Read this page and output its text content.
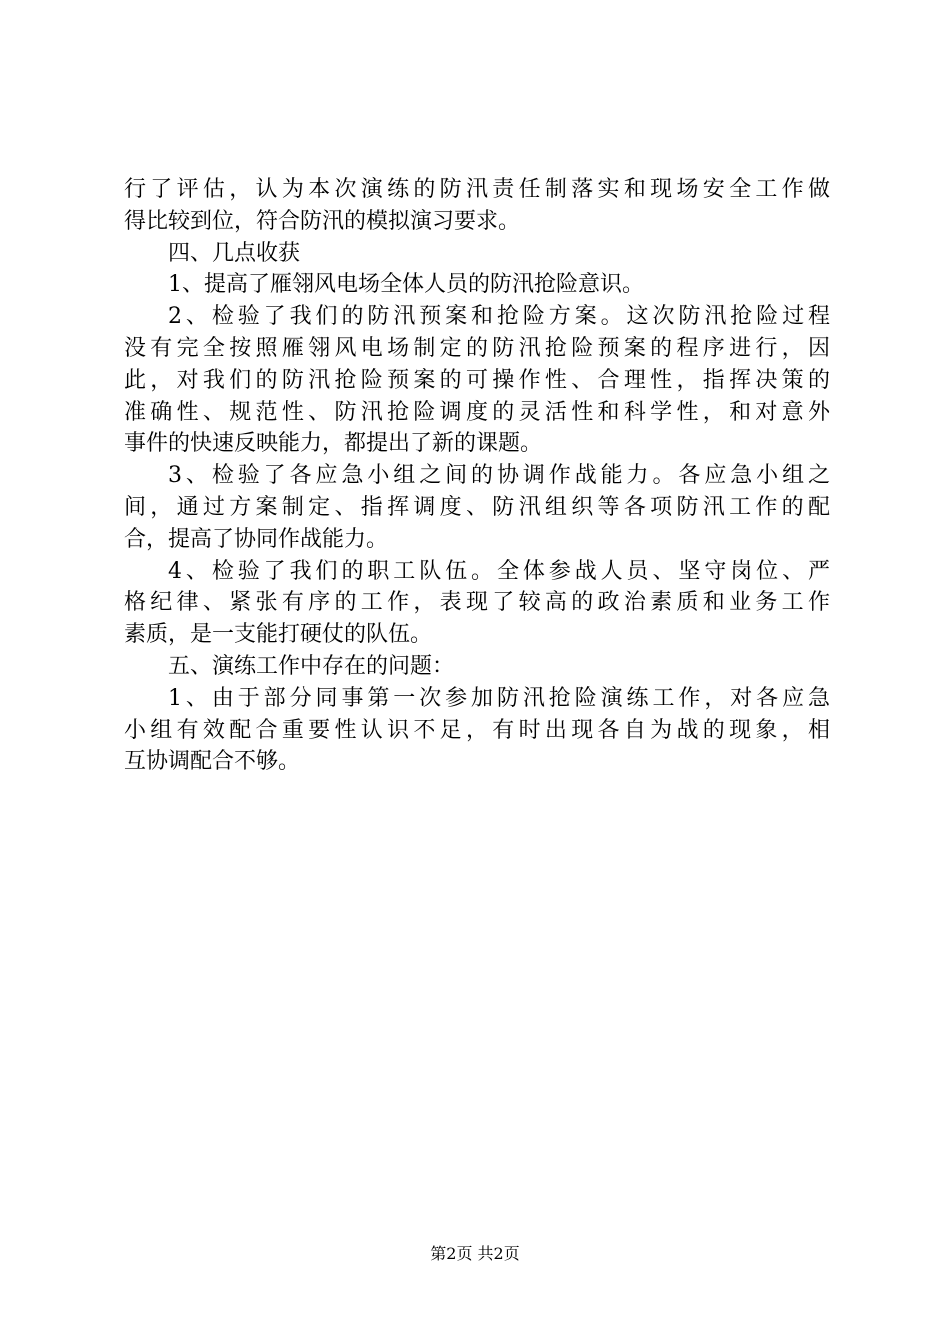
行了评估，认为本次演练的防汛责任制落实和现场安全工作做
得比较到位，符合防汛的模拟演习要求。
四、几点收获
1、提高了雁翎风电场全体人员的防汛抢险意识。
2、检验了我们的防汛预案和抢险方案。这次防汛抢险过程
没有完全按照雁翎风电场制定的防汛抢险预案的程序进行，因
此，对我们的防汛抢险预案的可操作性、合理性，指挥决策的
准确性、规范性、防汛抢险调度的灵活性和科学性，和对意外
事件的快速反映能力，都提出了新的课题。
3、检验了各应急小组之间的协调作战能力。各应急小组之
间，通过方案制定、指挥调度、防汛组织等各项防汛工作的配
合，提高了协同作战能力。
4、检验了我们的职工队伍。全体参战人员、坚守岗位、严
格纪律、紧张有序的工作，表现了较高的政治素质和业务工作
素质，是一支能打硬仗的队伍。
五、演练工作中存在的问题：
1、由于部分同事第一次参加防汛抢险演练工作，对各应急
小组有效配合重要性认识不足，有时出现各自为战的现象，相
互协调配合不够。
第2页 共2页
